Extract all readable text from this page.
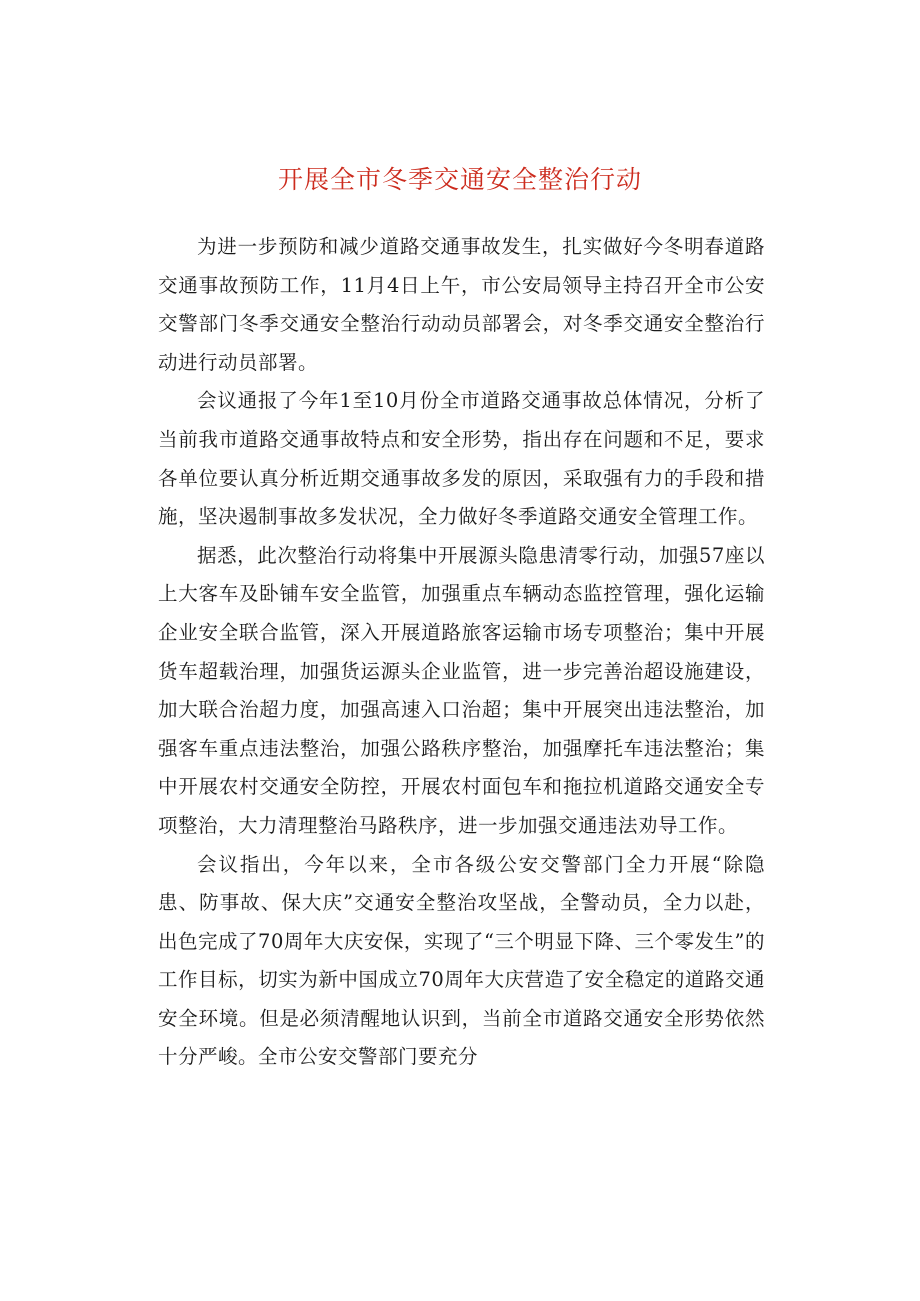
开展全市冬季交通安全整治行动

为进一步预防和减少道路交通事故发生，扎实做好今冬明春道路交通事故预防工作，11月4日上午，市公安局领导主持召开全市公安交警部门冬季交通安全整治行动动员部署会，对冬季交通安全整治行动进行动员部署。

会议通报了今年1至10月份全市道路交通事故总体情况，分析了当前我市道路交通事故特点和安全形势，指出存在问题和不足，要求各单位要认真分析近期交通事故多发的原因，采取强有力的手段和措施，坚决遏制事故多发状况，全力做好冬季道路交通安全管理工作。

据悉，此次整治行动将集中开展源头隐患清零行动，加强57座以上大客车及卧铺车安全监管，加强重点车辆动态监控管理，强化运输企业安全联合监管，深入开展道路旅客运输市场专项整治；集中开展货车超载治理，加强货运源头企业监管，进一步完善治超设施建设，加大联合治超力度，加强高速入口治超；集中开展突出违法整治，加强客车重点违法整治，加强公路秩序整治，加强摩托车违法整治；集中开展农村交通安全防控，开展农村面包车和拖拉机道路交通安全专项整治，大力清理整治马路秩序，进一步加强交通违法劝导工作。

会议指出，今年以来，全市各级公安交警部门全力开展“除隐患、防事故、保大庆”交通安全整治攻坚战，全警动员，全力以赴，出色完成了70周年大庆安保，实现了“三个明显下降、三个零发生”的工作目标，切实为新中国成立70周年大庆营造了安全稳定的道路交通安全环境。但是必须清醒地认识到，当前全市道路交通安全形势依然十分严峻。全市公安交警部门要充分
